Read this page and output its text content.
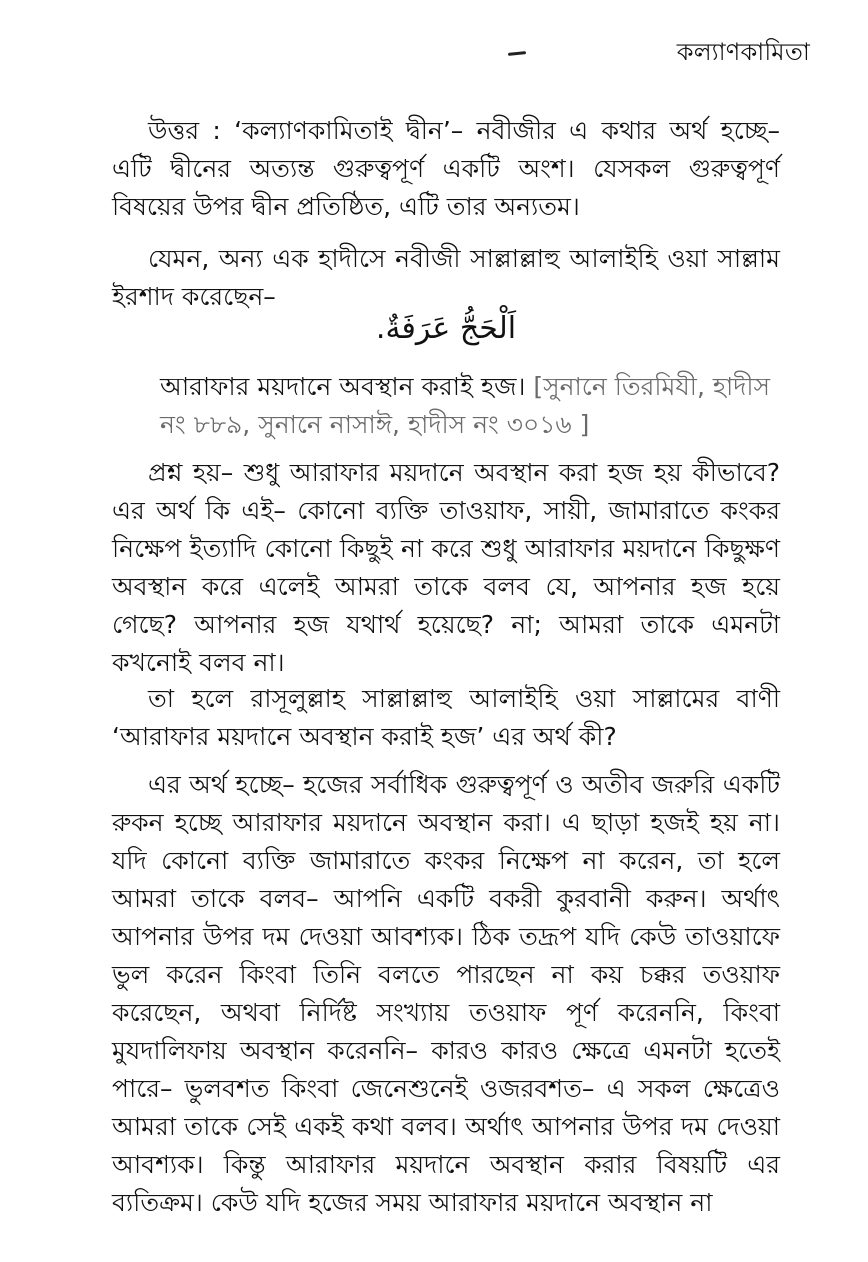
কল্যাণকামিতা
উত্তর : ‘কল্যাণকামিতাই দ্বীন’– নবীজীর এ কথার অর্থ হচ্ছে– এটি দ্বীনের অত্যন্ত গুরুত্বপূর্ণ একটি অংশ। যেসকল গুরুত্বপূর্ণ বিষয়ের উপর দ্বীন প্রতিষ্ঠিত, এটি তার অন্যতম।
যেমন, অন্য এক হাদীসে নবীজী সাল্লাল্লাহু আলাইহি ওয়া সাল্লাম ইরশাদ করেছেন–
اَلْحَجُّ عَرَفَةٌ.
আরাফার ময়দানে অবস্থান করাই হজ। [সুনানে তিরমিযী, হাদীস নং ৮৮৯, সুনানে নাসাঈ, হাদীস নং ৩০১৬ ]
প্রশ্ন হয়– শুধু আরাফার ময়দানে অবস্থান করা হজ হয় কীভাবে? এর অর্থ কি এই– কোনো ব্যক্তি তাওয়াফ, সায়ী, জামারাতে কংকর নিক্ষেপ ইত্যাদি কোনো কিছুই না করে শুধু আরাফার ময়দানে কিছুক্ষণ অবস্থান করে এলেই আমরা তাকে বলব যে, আপনার হজ হয়ে গেছে? আপনার হজ যথার্থ হয়েছে? না; আমরা তাকে এমনটা কখনোই বলব না।
তা হলে রাসূলুল্লাহ সাল্লাল্লাহু আলাইহি ওয়া সাল্লামের বাণী ‘আরাফার ময়দানে অবস্থান করাই হজ’ এর অর্থ কী?
এর অর্থ হচ্ছে– হজের সর্বাধিক গুরুত্বপূর্ণ ও অতীব জরুরি একটি রুকন হচ্ছে আরাফার ময়দানে অবস্থান করা। এ ছাড়া হজই হয় না। যদি কোনো ব্যক্তি জামারাতে কংকর নিক্ষেপ না করেন, তা হলে আমরা তাকে বলব– আপনি একটি বকরী কুরবানী করুন। অর্থাৎ আপনার উপর দম দেওয়া আবশ্যক। ঠিক তদ্রূপ যদি কেউ তাওয়াফে ভুল করেন কিংবা তিনি বলতে পারছেন না কয় চক্কর তওয়াফ করেছেন, অথবা নির্দিষ্ট সংখ্যায় তওয়াফ পূর্ণ করেননি, কিংবা মুযদালিফায় অবস্থান করেননি– কারও কারও ক্ষেত্রে এমনটা হতেই পারে– ভুলবশত কিংবা জেনেশুনেই ওজরবশত– এ সকল ক্ষেত্রেও আমরা তাকে সেই একই কথা বলব। অর্থাৎ আপনার উপর দম দেওয়া আবশ্যক। কিন্তু আরাফার ময়দানে অবস্থান করার বিষয়টি এর ব্যতিক্রম। কেউ যদি হজের সময় আরাফার ময়দানে অবস্থান না
